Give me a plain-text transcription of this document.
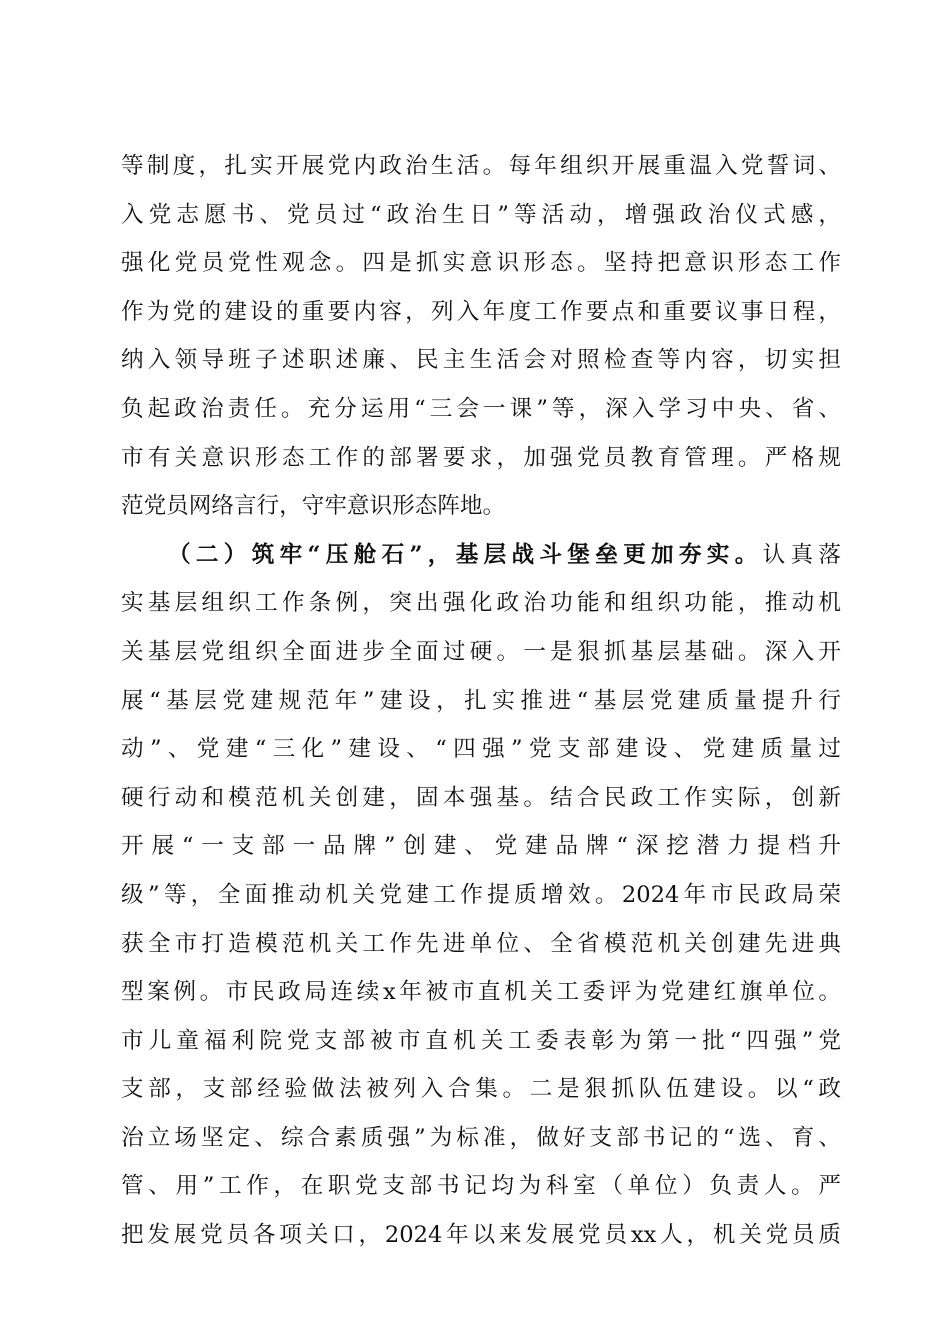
等制度，扎实开展党内政治生活。每年组织开展重温入党誓词、
入党志愿书、党员过“政治生日”等活动，增强政治仪式感，
强化党员党性观念。四是抓实意识形态。坚持把意识形态工作
作为党的建设的重要内容，列入年度工作要点和重要议事日程，
纳入领导班子述职述廉、民主生活会对照检查等内容，切实担
负起政治责任。充分运用“三会一课”等，深入学习中央、省、
市有关意识形态工作的部署要求，加强党员教育管理。严格规
范党员网络言行，守牢意识形态阵地。
（二）筑牢“压舱石”，基层战斗堡垒更加夯实。认真落
实基层组织工作条例，突出强化政治功能和组织功能，推动机
关基层党组织全面进步全面过硬。一是狠抓基层基础。深入开
展“基层党建规范年”建设，扎实推进“基层党建质量提升行
动”、党建“三化”建设、“四强”党支部建设、党建质量过
硬行动和模范机关创建，固本强基。结合民政工作实际，创新
开展“一支部一品牌”创建、党建品牌“深挖潜力提档升
级”等，全面推动机关党建工作提质增效。2024年市民政局荣
获全市打造模范机关工作先进单位、全省模范机关创建先进典
型案例。市民政局连续x年被市直机关工委评为党建红旗单位。
市儿童福利院党支部被市直机关工委表彰为第一批“四强”党
支部，支部经验做法被列入合集。二是狠抓队伍建设。以“政
治立场坚定、综合素质强”为标准，做好支部书记的“选、育、
管、用”工作，在职党支部书记均为科室（单位）负责人。严
把发展党员各项关口，2024年以来发展党员xx人，机关党员质
